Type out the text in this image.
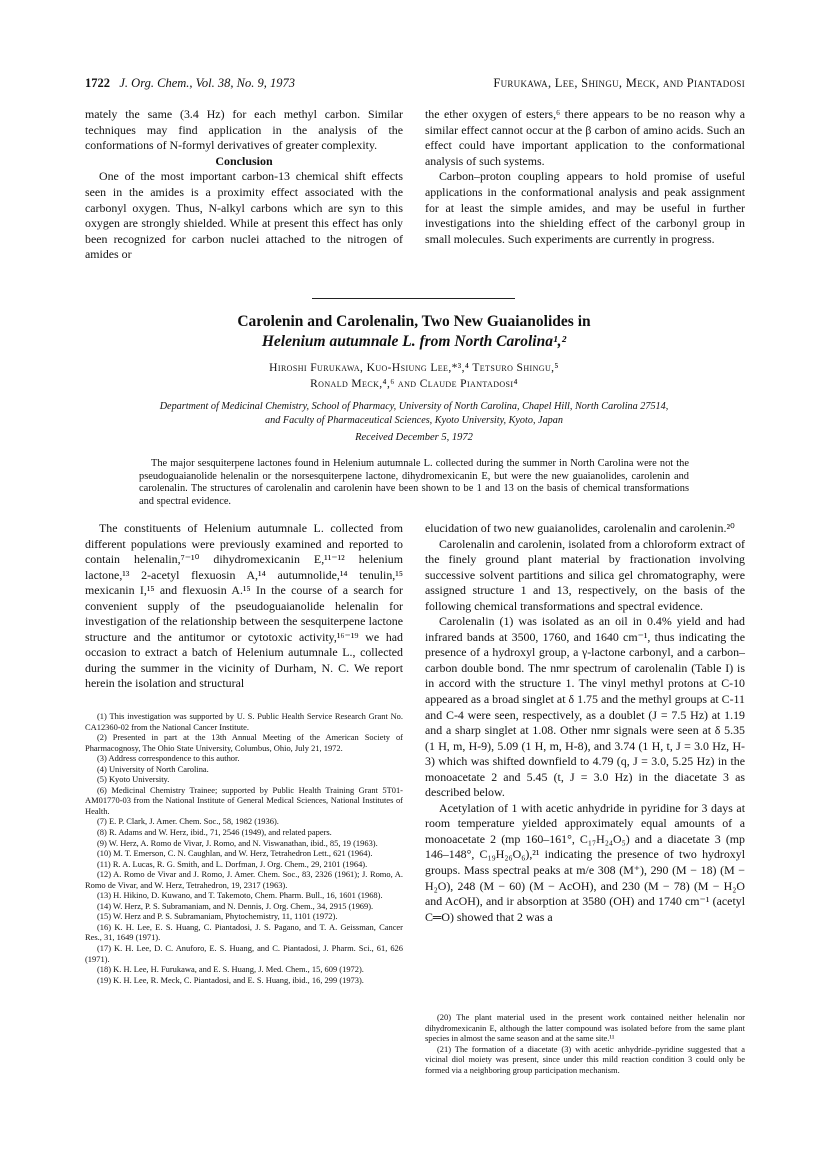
1722 J. Org. Chem., Vol. 38, No. 9, 1973	Furukawa, Lee, Shingu, Meck, and Piantadosi

mately the same (3.4 Hz) for each methyl carbon. Similar techniques may find application in the analysis of the conformations of N-formyl derivatives of greater complexity.

Conclusion

One of the most important carbon-13 chemical shift effects seen in the amides is a proximity effect associated with the carbonyl oxygen. Thus, N-alkyl carbons which are syn to this oxygen are strongly shielded. While at present this effect has only been recognized for carbon nuclei attached to the nitrogen of amides or

the ether oxygen of esters,⁶ there appears to be no reason why a similar effect cannot occur at the β carbon of amino acids. Such an effect could have important application to the conformational analysis of such systems.

Carbon–proton coupling appears to hold promise of useful applications in the conformational analysis and peak assignment for at least the simple amides, and may be useful in further investigations into the shielding effect of the carbonyl group in small molecules. Such experiments are currently in progress.

Carolenin and Carolenalin, Two New Guaianolides in
Helenium autumnale L. from North Carolina¹,²
Hiroshi Furukawa, Kuo-Hsiung Lee,*³,⁴ Tetsuro Shingu,⁵
Ronald Meck,⁴,⁶ and Claude Piantadosi⁴
Department of Medicinal Chemistry, School of Pharmacy, University of North Carolina, Chapel Hill, North Carolina 27514,
and Faculty of Pharmaceutical Sciences, Kyoto University, Kyoto, Japan
Received December 5, 1972
The major sesquiterpene lactones found in Helenium autumnale L. collected during the summer in North Carolina were not the pseudoguaianolide helenalin or the norsesquiterpene lactone, dihydromexicanin E, but were the new guaianolides, carolenin and carolenalin. The structures of carolenalin and carolenin have been shown to be 1 and 13 on the basis of chemical transformations and spectral evidence.
The constituents of Helenium autumnale L. collected from different populations were previously examined and reported to contain helenalin,⁷⁻¹⁰ dihydromexicanin E,¹¹⁻¹² helenium lactone,¹³ 2-acetyl flexuosin A,¹⁴ autumnolide,¹⁴ tenulin,¹⁵ mexicanin I,¹⁵ and flexuosin A.¹⁵ In the course of a search for convenient supply of the pseudoguaianolide helenalin for investigation of the relationship between the sesquiterpene lactone structure and the antitumor or cytotoxic activity,¹⁶⁻¹⁹ we had occasion to extract a batch of Helenium autumnale L., collected during the summer in the vicinity of Durham, N. C. We report herein the isolation and structural

elucidation of two new guaianolides, carolenalin and carolenin.²⁰

Carolenalin and carolenin, isolated from a chloroform extract of the finely ground plant material by fractionation involving successive solvent partitions and silica gel chromatography, were assigned structure 1 and 13, respectively, on the basis of the following chemical transformations and spectral evidence.

Carolenalin (1) was isolated as an oil in 0.4% yield and had infrared bands at 3500, 1760, and 1640 cm⁻¹, thus indicating the presence of a hydroxyl group, a γ-lactone carbonyl, and a carbon–carbon double bond. The nmr spectrum of carolenalin (Table I) is in accord with the structure 1. The vinyl methyl protons at C-10 appeared as a broad singlet at δ 1.75 and the methyl groups at C-11 and C-4 were seen, respectively, as a doublet (J = 7.5 Hz) at 1.19 and a sharp singlet at 1.08. Other nmr signals were seen at δ 5.35 (1 H, m, H-9), 5.09 (1 H, m, H-8), and 3.74 (1 H, t, J = 3.0 Hz, H-3) which was shifted downfield to 4.79 (q, J = 3.0, 5.25 Hz) in the monoacetate 2 and 5.45 (t, J = 3.0 Hz) in the diacetate 3 as described below.

Acetylation of 1 with acetic anhydride in pyridine for 3 days at room temperature yielded approximately equal amounts of a monoacetate 2 (mp 160–161°, C₁₇H₂₄O₅) and a diacetate 3 (mp 146–148°, C₁₉H₂₆O₆),²¹ indicating the presence of two hydroxyl groups. Mass spectral peaks at m/e 308 (M⁺), 290 (M − 18) (M − H₂O), 248 (M − 60) (M − AcOH), and 230 (M − 78) (M − H₂O and AcOH), and ir absorption at 3580 (OH) and 1740 cm⁻¹ (acetyl C═O) showed that 2 was a

(1) This investigation was supported by U. S. Public Health Service Research Grant No. CA12360-02 from the National Cancer Institute.

(2) Presented in part at the 13th Annual Meeting of the American Society of Pharmacognosy, The Ohio State University, Columbus, Ohio, July 21, 1972.

(3) Address correspondence to this author.

(4) University of North Carolina.

(5) Kyoto University.

(6) Medicinal Chemistry Trainee; supported by Public Health Training Grant 5T01-AM01770-03 from the National Institute of General Medical Sciences, National Institutes of Health.

(7) E. P. Clark, J. Amer. Chem. Soc., 58, 1982 (1936).

(8) R. Adams and W. Herz, ibid., 71, 2546 (1949), and related papers.

(9) W. Herz, A. Romo de Vivar, J. Romo, and N. Viswanathan, ibid., 85, 19 (1963).

(10) M. T. Emerson, C. N. Caughlan, and W. Herz, Tetrahedron Lett., 621 (1964).

(11) R. A. Lucas, R. G. Smith, and L. Dorfman, J. Org. Chem., 29, 2101 (1964).

(12) A. Romo de Vivar and J. Romo, J. Amer. Chem. Soc., 83, 2326 (1961); J. Romo, A. Romo de Vivar, and W. Herz, Tetrahedron, 19, 2317 (1963).

(13) H. Hikino, D. Kuwano, and T. Takemoto, Chem. Pharm. Bull., 16, 1601 (1968).

(14) W. Herz, P. S. Subramaniam, and N. Dennis, J. Org. Chem., 34, 2915 (1969).

(15) W. Herz and P. S. Subramaniam, Phytochemistry, 11, 1101 (1972).

(16) K. H. Lee, E. S. Huang, C. Piantadosi, J. S. Pagano, and T. A. Geissman, Cancer Res., 31, 1649 (1971).

(17) K. H. Lee, D. C. Anuforo, E. S. Huang, and C. Piantadosi, J. Pharm. Sci., 61, 626 (1971).

(18) K. H. Lee, H. Furukawa, and E. S. Huang, J. Med. Chem., 15, 609 (1972).

(19) K. H. Lee, R. Meck, C. Piantadosi, and E. S. Huang, ibid., 16, 299 (1973).

(20) The plant material used in the present work contained neither helenalin nor dihydromexicanin E, although the latter compound was isolated before from the same plant species in almost the same season and at the same site.¹¹

(21) The formation of a diacetate (3) with acetic anhydride–pyridine suggested that a vicinal diol moiety was present, since under this mild reaction condition 3 could only be formed via a neighboring group participation mechanism.
